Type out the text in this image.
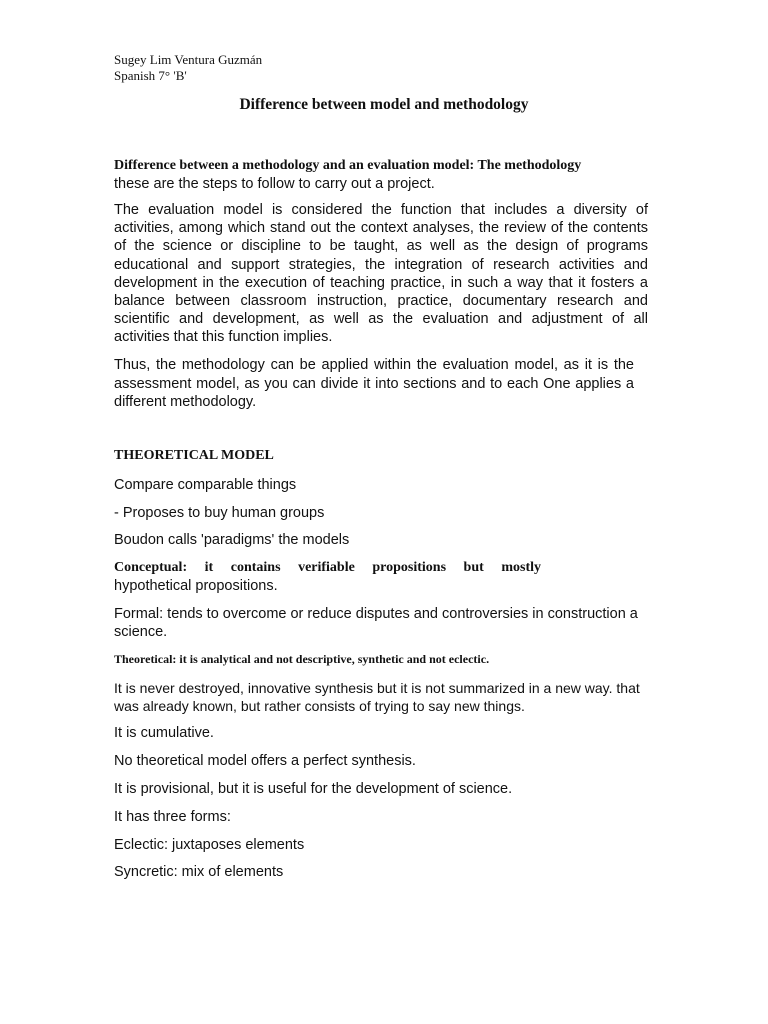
Sugey Lim Ventura Guzmán

Spanish 7° 'B'

Difference between model and methodology

Difference between a methodology and an evaluation model: The methodology
these are the steps to follow to carry out a project.

The evaluation model is considered the function that includes a diversity of activities, among which stand out the context analyses, the review of the contents of the science or discipline to be taught, as well as the design of programs educational and support strategies, the integration of research activities and development in the execution of teaching practice, in such a way that it fosters a balance between classroom instruction, practice, documentary research and scientific and development, as well as the evaluation and adjustment of all activities that this function implies.

Thus, the methodology can be applied within the evaluation model, as it is the assessment model, as you can divide it into sections and to each One applies a different methodology.

THEORETICAL MODEL

Compare comparable things

- Proposes to buy human groups

Boudon calls 'paradigms' the models

Conceptual: it contains verifiable propositions but mostly
hypothetical propositions.

Formal: tends to overcome or reduce disputes and controversies in construction a science.

Theoretical: it is analytical and not descriptive, synthetic and not eclectic.

It is never destroyed, innovative synthesis but it is not summarized in a new way. that was already known, but rather consists of trying to say new things.

It is cumulative.

No theoretical model offers a perfect synthesis.

It is provisional, but it is useful for the development of science.

It has three forms:

Eclectic: juxtaposes elements

Syncretic: mix of elements
